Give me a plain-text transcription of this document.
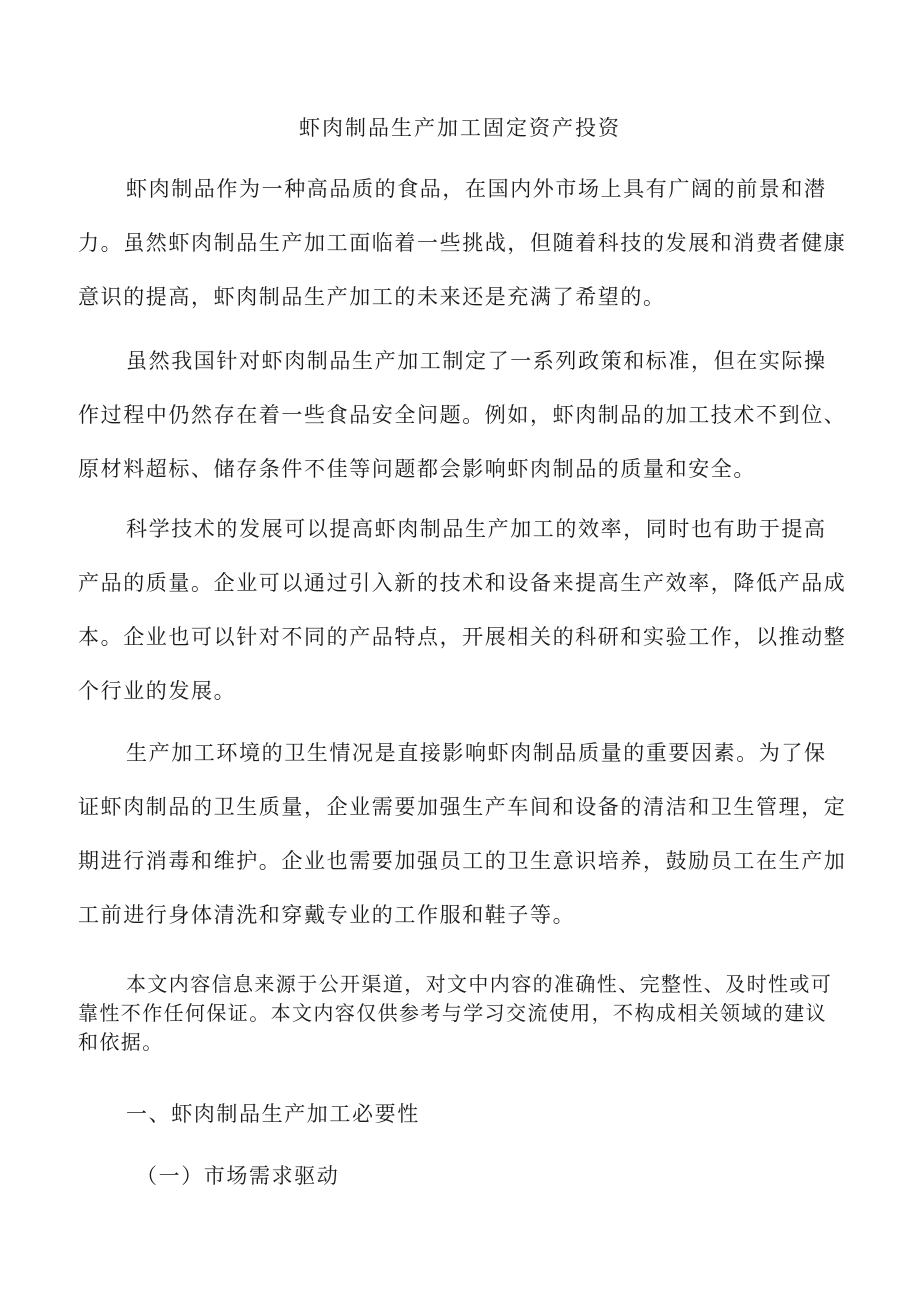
虾肉制品生产加工固定资产投资

虾肉制品作为一种高品质的食品，在国内外市场上具有广阔的前景和潜力。虽然虾肉制品生产加工面临着一些挑战，但随着科技的发展和消费者健康意识的提高，虾肉制品生产加工的未来还是充满了希望的。

虽然我国针对虾肉制品生产加工制定了一系列政策和标准，但在实际操作过程中仍然存在着一些食品安全问题。例如，虾肉制品的加工技术不到位、原材料超标、储存条件不佳等问题都会影响虾肉制品的质量和安全。

科学技术的发展可以提高虾肉制品生产加工的效率，同时也有助于提高产品的质量。企业可以通过引入新的技术和设备来提高生产效率，降低产品成本。企业也可以针对不同的产品特点，开展相关的科研和实验工作，以推动整个行业的发展。

生产加工环境的卫生情况是直接影响虾肉制品质量的重要因素。为了保证虾肉制品的卫生质量，企业需要加强生产车间和设备的清洁和卫生管理，定期进行消毒和维护。企业也需要加强员工的卫生意识培养，鼓励员工在生产加工前进行身体清洗和穿戴专业的工作服和鞋子等。

本文内容信息来源于公开渠道，对文中内容的准确性、完整性、及时性或可靠性不作任何保证。本文内容仅供参考与学习交流使用，不构成相关领域的建议和依据。

一、虾肉制品生产加工必要性
（一）市场需求驱动
